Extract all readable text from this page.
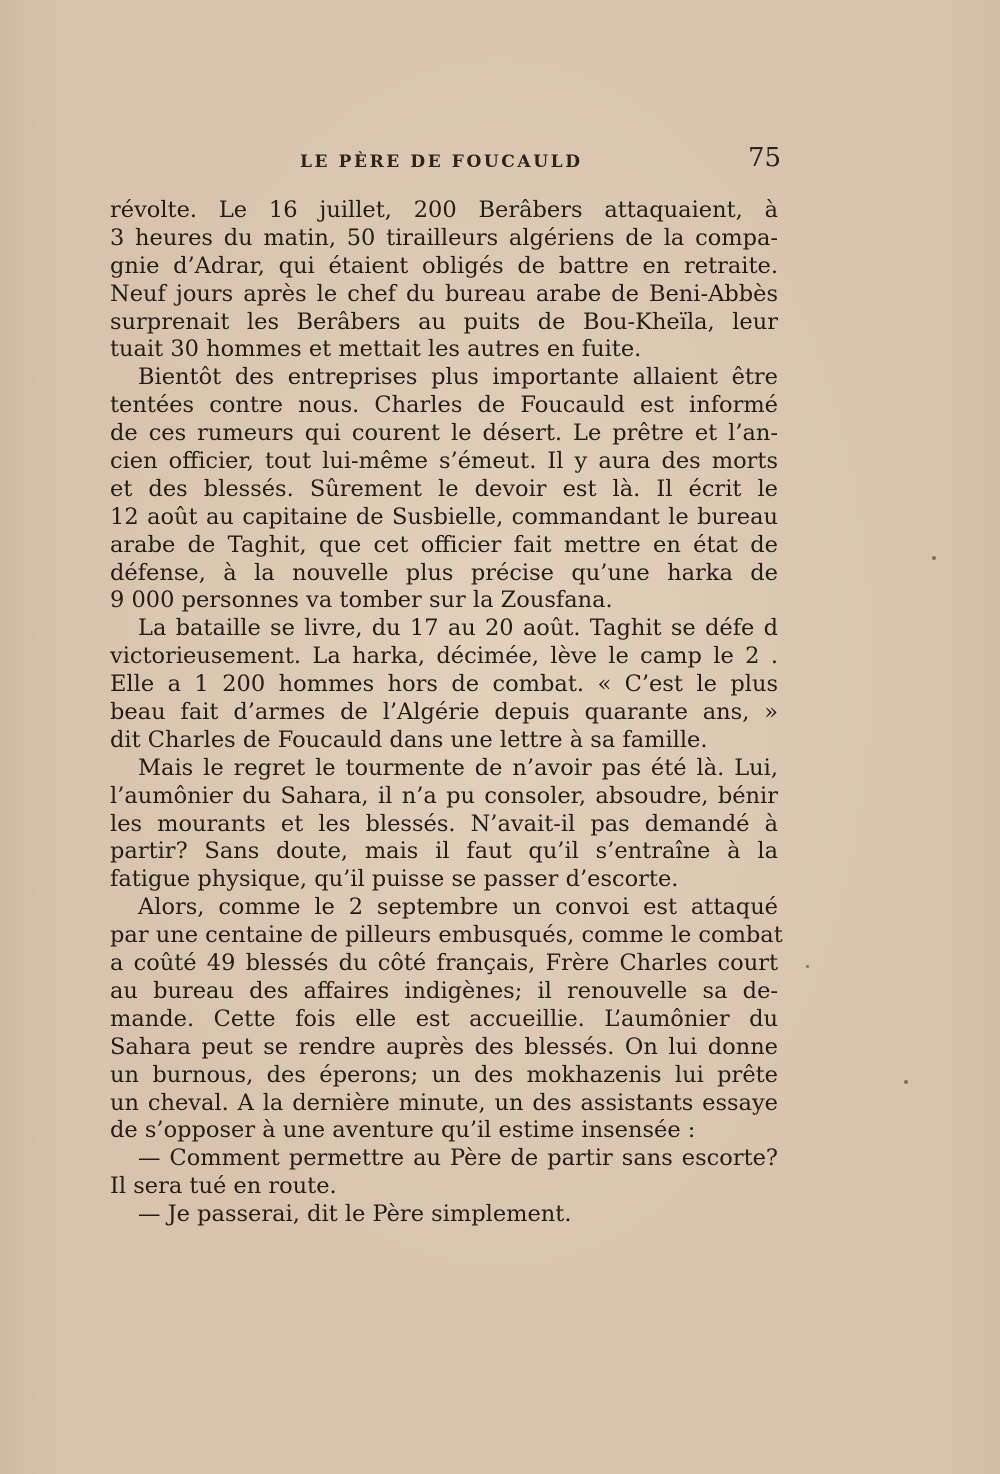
LE PÈRE DE FOUCAULD	75
révolte. Le 16 juillet, 200 Berâbers attaquaient, à
3 heures du matin, 50 tirailleurs algériens de la compa-
gnie d’Adrar, qui étaient obligés de battre en retraite.
Neuf jours après le chef du bureau arabe de Beni-Abbès
surprenait les Berâbers au puits de Bou-Kheïla, leur
tuait 30 hommes et mettait les autres en fuite.
Bientôt des entreprises plus importante allaient être
tentées contre nous. Charles de Foucauld est informé
de ces rumeurs qui courent le désert. Le prêtre et l’an-
cien officier, tout lui-même s’émeut. Il y aura des morts
et des blessés. Sûrement le devoir est là. Il écrit le
12 août au capitaine de Susbielle, commandant le bureau
arabe de Taghit, que cet officier fait mettre en état de
défense, à la nouvelle plus précise qu’une harka de
9 000 personnes va tomber sur la Zousfana.
La bataille se livre, du 17 au 20 août. Taghit se défe d
victorieusement. La harka, décimée, lève le camp le 2 .
Elle a 1 200 hommes hors de combat. « C’est le plus
beau fait d’armes de l’Algérie depuis quarante ans, »
dit Charles de Foucauld dans une lettre à sa famille.
Mais le regret le tourmente de n’avoir pas été là. Lui,
l’aumônier du Sahara, il n’a pu consoler, absoudre, bénir
les mourants et les blessés. N’avait-il pas demandé à
partir? Sans doute, mais il faut qu’il s’entraîne à la
fatigue physique, qu’il puisse se passer d’escorte.
Alors, comme le 2 septembre un convoi est attaqué
par une centaine de pilleurs embusqués, comme le combat
a coûté 49 blessés du côté français, Frère Charles court
au bureau des affaires indigènes; il renouvelle sa de-
mande. Cette fois elle est accueillie. L’aumônier du
Sahara peut se rendre auprès des blessés. On lui donne
un burnous, des éperons; un des mokhazenis lui prête
un cheval. A la dernière minute, un des assistants essaye
de s’opposer à une aventure qu’il estime insensée :
— Comment permettre au Père de partir sans escorte?
Il sera tué en route.
— Je passerai, dit le Père simplement.
